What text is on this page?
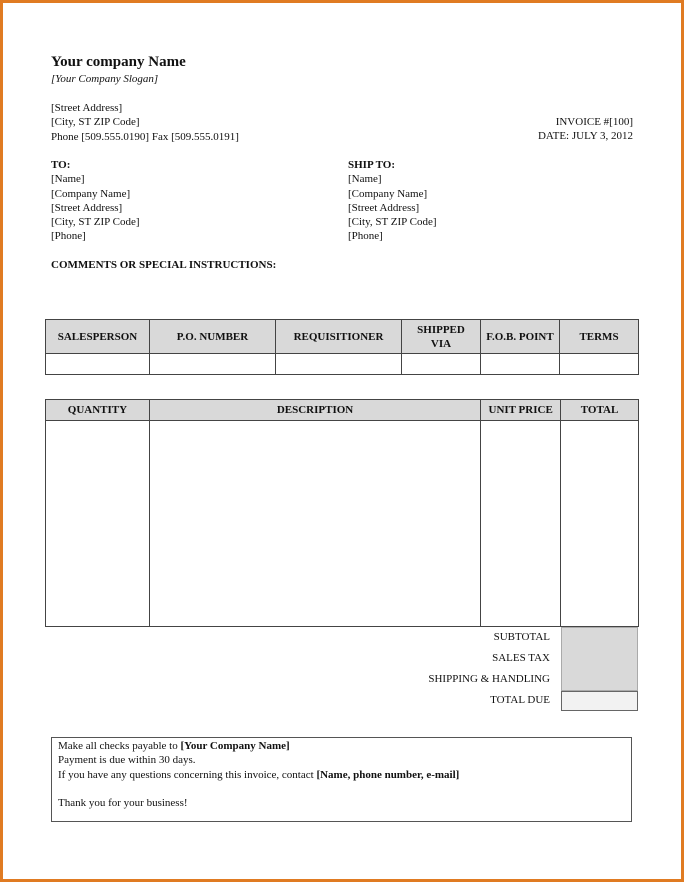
Your company Name
[Your Company Slogan]
[Street Address]
[City, ST ZIP Code]
Phone [509.555.0190] Fax [509.555.0191]
INVOICE #[100]
DATE: JULY 3, 2012
TO:
[Name]
[Company Name]
[Street Address]
[City, ST ZIP Code]
[Phone]
SHIP TO:
[Name]
[Company Name]
[Street Address]
[City, ST ZIP Code]
[Phone]
COMMENTS OR SPECIAL INSTRUCTIONS:
SALESPERSON	P.O. NUMBER	REQUISITIONER	SHIPPED VIA	F.O.B. POINT	TERMS

QUANTITY	DESCRIPTION	UNIT PRICE	TOTAL

SUBTOTAL
SALES TAX
SHIPPING & HANDLING
TOTAL DUE
Make all checks payable to [Your Company Name]
Payment is due within 30 days.
If you have any questions concerning this invoice, contact [Name, phone number, e-mail]
Thank you for your business!
